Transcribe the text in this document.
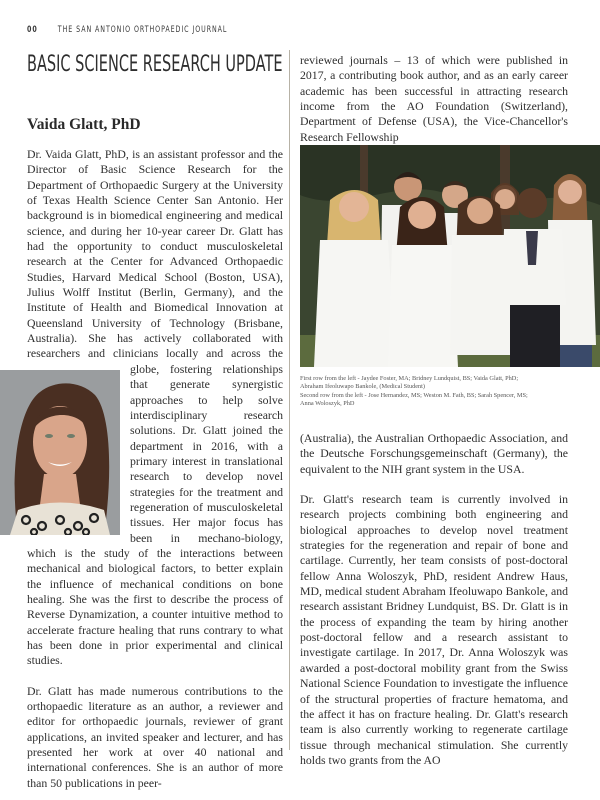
00 THE SAN ANTONIO ORTHOPAEDIC JOURNAL
BASIC SCIENCE RESEARCH UPDATE
Vaida Glatt, PhD

Dr. Vaida Glatt, PhD, is an assistant professor and the Director of Basic Science Research for the Department of Orthopaedic Surgery at the University of Texas Health Science Center San Antonio. Her background is in biomedical engineering and medical science, and during her 10-year career Dr. Glatt has had the opportunity to conduct musculoskeletal research at the Center for Advanced Orthopaedic Studies, Harvard Medical School (Boston, USA), Julius Wolff Institut (Berlin, Germany), and the Institute of Health and Biomedical Innovation at Queensland University of Technology (Brisbane, Australia). She has actively collaborated with researchers and clinicians locally and across the globe, fostering relationships that generate synergistic approaches to help solve interdisciplinary research solutions. Dr. Glatt joined the department in 2016, with a primary interest in translational research to develop novel strategies for the treatment and regeneration of musculoskeletal tissues. Her major focus has been in mechano-biology, which is the study of the interactions between mechanical and biological factors, to better explain the influence of mechanical conditions on bone healing. She was the first to describe the process of Reverse Dynamization, a counter intuitive method to accelerate fracture healing that runs contrary to what has been done in prior experimental and clinical studies.

Dr. Glatt has made numerous contributions to the orthopaedic literature as an author, a reviewer and editor for orthopaedic journals, reviewer of grant applications, an invited speaker and lecturer, and has presented her work at over 40 national and international conferences. She is an author of more than 50 publications in peer-

reviewed journals – 13 of which were published in 2017, a contributing book author, and as an early career academic has been successful in attracting research income from the AO Foundation (Switzerland), Department of Defense (USA), the Vice-Chancellor's Research Fellowship

First row from the left - Jaydee Foster, MA; Bridney Lundquist, BS; Vaida Glatt, PhD;
Abraham Ifeoluwapo Bankole, (Medical Student)
Second row from the left - Jose Hernandez, MS; Weston M. Fath, BS; Sarah Spencer, MS;
Anna Woloszyk, PhD

(Australia), the Australian Orthopaedic Association, and the Deutsche Forschungsgemeinschaft (Germany), the equivalent to the NIH grant system in the USA.

Dr. Glatt's research team is currently involved in research projects combining both engineering and biological approaches to develop novel treatment strategies for the regeneration and repair of bone and cartilage. Currently, her team consists of post-doctoral fellow Anna Woloszyk, PhD, resident Andrew Haus, MD, medical student Abraham Ifeoluwapo Bankole, and research assistant Bridney Lundquist, BS. Dr. Glatt is in the process of expanding the team by hiring another post-doctoral fellow and a research assistant to investigate cartilage. In 2017, Dr. Anna Woloszyk was awarded a post-doctoral mobility grant from the Swiss National Science Foundation to investigate the influence of the structural properties of fracture hematoma, and the affect it has on fracture healing. Dr. Glatt's research team is also currently working to regenerate cartilage tissue through mechanical stimulation. She currently holds two grants from the AO
